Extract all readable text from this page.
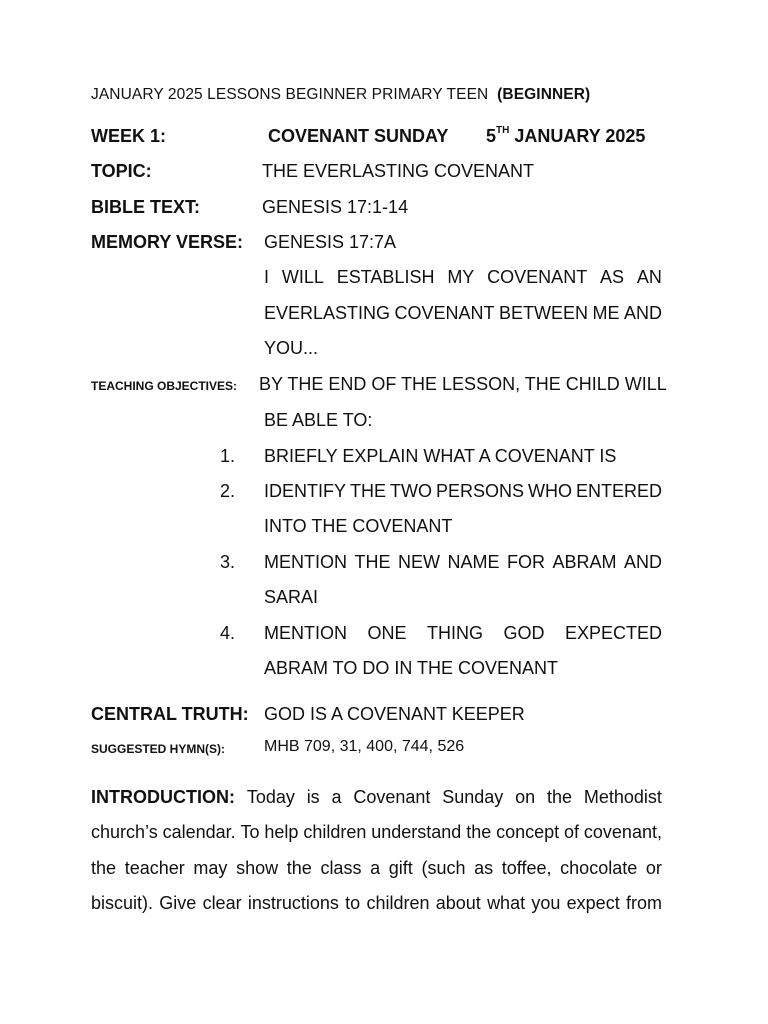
JANUARY 2025 LESSONS BEGINNER PRIMARY TEEN (BEGINNER)
WEEK 1:	COVENANT SUNDAY 5TH JANUARY 2025
TOPIC:	THE EVERLASTING COVENANT
BIBLE TEXT:	GENESIS 17:1-14
MEMORY VERSE: GENESIS 17:7A
I WILL ESTABLISH MY COVENANT AS AN
EVERLASTING COVENANT BETWEEN ME AND
YOU...
TEACHING OBJECTIVES: BY THE END OF THE LESSON, THE CHILD WILL
BE ABLE TO:
1. BRIEFLY EXPLAIN WHAT A COVENANT IS
2. IDENTIFY THE TWO PERSONS WHO ENTERED
INTO THE COVENANT
3. MENTION THE NEW NAME FOR ABRAM AND
SARAI
4. MENTION ONE THING GOD EXPECTED
ABRAM TO DO IN THE COVENANT
CENTRAL TRUTH: GOD IS A COVENANT KEEPER
SUGGESTED HYMN(S): MHB 709, 31, 400, 744, 526
INTRODUCTION: Today is a Covenant Sunday on the Methodist
church’s calendar. To help children understand the concept of covenant,
the teacher may show the class a gift (such as toffee, chocolate or
biscuit). Give clear instructions to children about what you expect from
